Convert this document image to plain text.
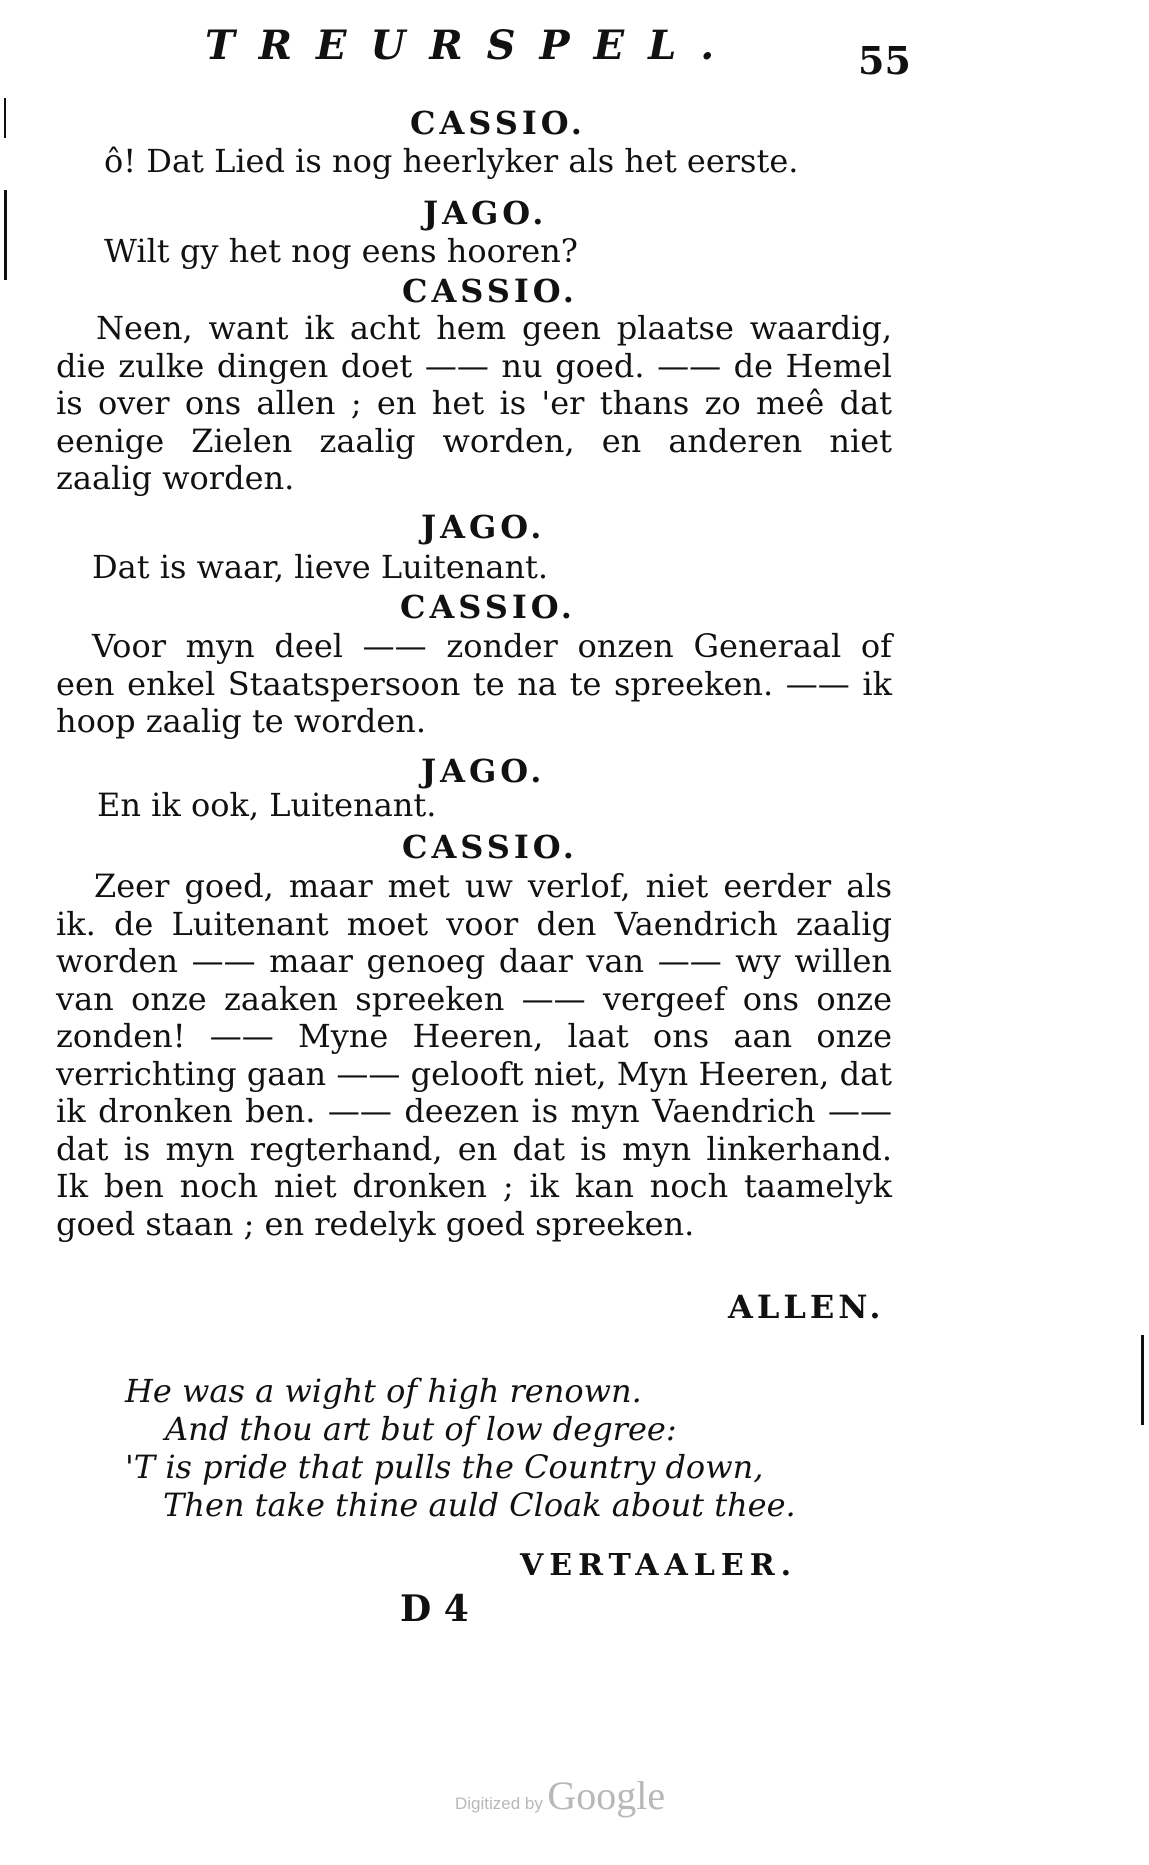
TREURSPEL.	55
CASSIO.
ô! Dat Lied is nog heerlyker als het eerste.
JAGO.
Wilt gy het nog eens hooren?
CASSIO.
Neen, want ik acht hem geen plaatse waardig, die zulke dingen doet —— nu goed. —— de Hemel is over ons allen ; en het is 'er thans zo meê dat eenige Zielen zaalig worden, en anderen niet zaalig worden.
JAGO.
Dat is waar, lieve Luitenant.
CASSIO.
Voor myn deel —— zonder onzen Generaal of een enkel Staatspersoon te na te spreeken. —— ik hoop zaalig te worden.
JAGO.
En ik ook, Luitenant.
CASSIO.
Zeer goed, maar met uw verlof, niet eerder als ik. de Luitenant moet voor den Vaendrich zaalig worden —— maar genoeg daar van —— wy willen van onze zaaken spreeken —— vergeef ons onze zonden! —— Myne Heeren, laat ons aan onze verrichting gaan —— gelooft niet, Myn Heeren, dat ik dronken ben. —— deezen is myn Vaendrich —— dat is myn regterhand, en dat is myn linkerhand. Ik ben noch niet dronken ; ik kan noch taamelyk goed staan ; en redelyk goed spreeken.
ALLEN.
He was a wight of high renown.
And thou art but of low degree:
'T is pride that pulls the Country down,
Then take thine auld Cloak about thee.
VERTAALER.
D 4
Digitized by Google
